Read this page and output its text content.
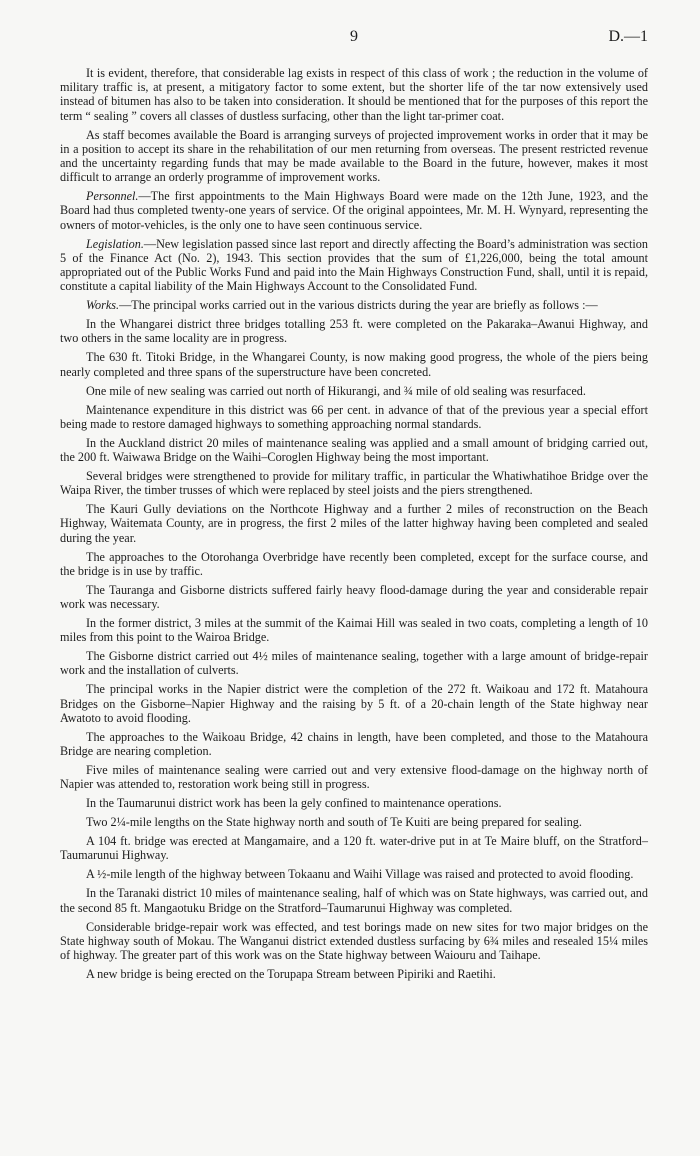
9	D.—1

It is evident, therefore, that considerable lag exists in respect of this class of work ; the reduction in the volume of military traffic is, at present, a mitigatory factor to some extent, but the shorter life of the tar now extensively used instead of bitumen has also to be taken into consideration. It should be mentioned that for the purposes of this report the term “ sealing ” covers all classes of dustless surfacing, other than the light tar-primer coat.

As staff becomes available the Board is arranging surveys of projected improvement works in order that it may be in a position to accept its share in the rehabilitation of our men returning from overseas. The present restricted revenue and the uncertainty regarding funds that may be made available to the Board in the future, however, makes it most difficult to arrange an orderly programme of improvement works.

Personnel.—The first appointments to the Main Highways Board were made on the 12th June, 1923, and the Board had thus completed twenty-one years of service. Of the original appointees, Mr. M. H. Wynyard, representing the owners of motor-vehicles, is the only one to have seen continuous service.

Legislation.—New legislation passed since last report and directly affecting the Board’s administration was section 5 of the Finance Act (No. 2), 1943. This section provides that the sum of £1,226,000, being the total amount appropriated out of the Public Works Fund and paid into the Main Highways Construction Fund, shall, until it is repaid, constitute a capital liability of the Main Highways Account to the Consolidated Fund.

Works.—The principal works carried out in the various districts during the year are briefly as follows :—

In the Whangarei district three bridges totalling 253 ft. were completed on the Pakaraka–Awanui Highway, and two others in the same locality are in progress.

The 630 ft. Titoki Bridge, in the Whangarei County, is now making good progress, the whole of the piers being nearly completed and three spans of the superstructure have been concreted.

One mile of new sealing was carried out north of Hikurangi, and ¾ mile of old sealing was resurfaced.

Maintenance expenditure in this district was 66 per cent. in advance of that of the previous year a special effort being made to restore damaged highways to something approaching normal standards.

In the Auckland district 20 miles of maintenance sealing was applied and a small amount of bridging carried out, the 200 ft. Waiwawa Bridge on the Waihi–Coroglen Highway being the most important.

Several bridges were strengthened to provide for military traffic, in particular the Whatiwhatihoe Bridge over the Waipa River, the timber trusses of which were replaced by steel joists and the piers strengthened.

The Kauri Gully deviations on the Northcote Highway and a further 2 miles of reconstruction on the Beach Highway, Waitemata County, are in progress, the first 2 miles of the latter highway having been completed and sealed during the year.

The approaches to the Otorohanga Overbridge have recently been completed, except for the surface course, and the bridge is in use by traffic.

The Tauranga and Gisborne districts suffered fairly heavy flood-damage during the year and considerable repair work was necessary.

In the former district, 3 miles at the summit of the Kaimai Hill was sealed in two coats, completing a length of 10 miles from this point to the Wairoa Bridge.

The Gisborne district carried out 4½ miles of maintenance sealing, together with a large amount of bridge-repair work and the installation of culverts.

The principal works in the Napier district were the completion of the 272 ft. Waikoau and 172 ft. Matahoura Bridges on the Gisborne–Napier Highway and the raising by 5 ft. of a 20-chain length of the State highway near Awatoto to avoid flooding.

The approaches to the Waikoau Bridge, 42 chains in length, have been completed, and those to the Matahoura Bridge are nearing completion.

Five miles of maintenance sealing were carried out and very extensive flood-damage on the highway north of Napier was attended to, restoration work being still in progress.

In the Taumarunui district work has been la gely confined to maintenance operations.

Two 2¼-mile lengths on the State highway north and south of Te Kuiti are being prepared for sealing.

A 104 ft. bridge was erected at Mangamaire, and a 120 ft. water-drive put in at Te Maire bluff, on the Stratford–Taumarunui Highway.

A ½-mile length of the highway between Tokaanu and Waihi Village was raised and protected to avoid flooding.

In the Taranaki district 10 miles of maintenance sealing, half of which was on State highways, was carried out, and the second 85 ft. Mangaotuku Bridge on the Stratford–Taumarunui Highway was completed.

Considerable bridge-repair work was effected, and test borings made on new sites for two major bridges on the State highway south of Mokau. The Wanganui district extended dustless surfacing by 6¾ miles and resealed 15¼ miles of highway. The greater part of this work was on the State highway between Waiouru and Taihape.

A new bridge is being erected on the Torupapa Stream between Pipiriki and Raetihi.
